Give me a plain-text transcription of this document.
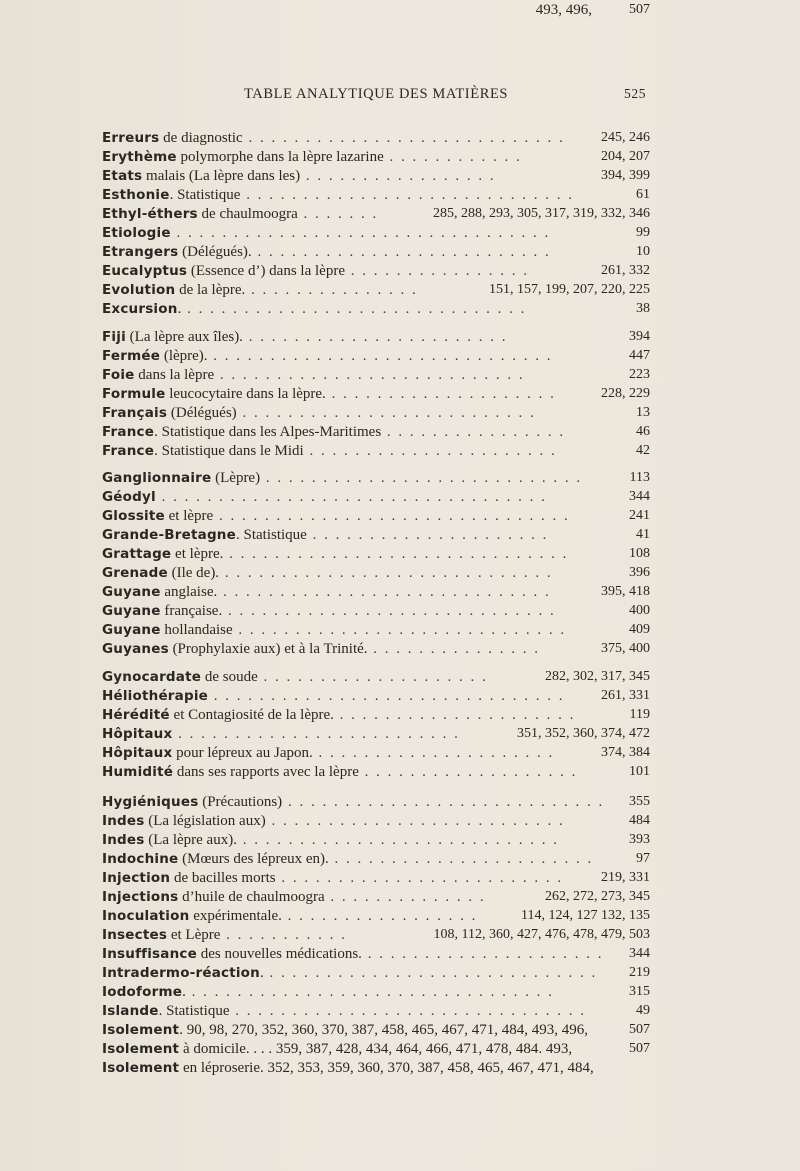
TABLE ANALYTIQUE DES MATIÈRES	525
Erreurs de diagnostic . . . . . . . . . . . . . . . . . . . . . . . . . . . .	245, 246
Erythème polymorphe dans la lèpre lazarine . . . . . . . . . . . .	204, 207
Etats malais (La lèpre dans les) . . . . . . . . . . . . . . . . .	394, 399
Esthonie. Statistique . . . . . . . . . . . . . . . . . . . . . . . . . . . . .	61
Ethyl-éthers de chaulmoogra . . . . . . .	285, 288, 293, 305, 317, 319, 332, 346
Etiologie . . . . . . . . . . . . . . . . . . . . . . . . . . . . . . . . .	99
Etrangers (Délégués). . . . . . . . . . . . . . . . . . . . . . . . . . .	10
Eucalyptus (Essence d’) dans la lèpre . . . . . . . . . . . . . . . .	261, 332
Evolution de la lèpre. . . . . . . . . . . . . . . .	151, 157, 199, 207, 220, 225
Excursion. . . . . . . . . . . . . . . . . . . . . . . . . . . . . . .	38
Fiji (La lèpre aux îles). . . . . . . . . . . . . . . . . . . . . . . .	394
Fermée (lèpre). . . . . . . . . . . . . . . . . . . . . . . . . . . . . . .	447
Foie dans la lèpre . . . . . . . . . . . . . . . . . . . . . . . . . . .	223
Formule leucocytaire dans la lèpre. . . . . . . . . . . . . . . . . . . . .	228, 229
Français (Délégués) . . . . . . . . . . . . . . . . . . . . . . . . . .	13
France. Statistique dans les Alpes-Maritimes . . . . . . . . . . . . . . . .	46
France. Statistique dans le Midi . . . . . . . . . . . . . . . . . . . . . .	42
Ganglionnaire (Lèpre) . . . . . . . . . . . . . . . . . . . . . . . . . . . .	113
Géodyl . . . . . . . . . . . . . . . . . . . . . . . . . . . . . . . . . .	344
Glossite et lèpre . . . . . . . . . . . . . . . . . . . . . . . . . . . . . . .	241
Grande-Bretagne. Statistique . . . . . . . . . . . . . . . . . . . . .	41
Grattage et lèpre. . . . . . . . . . . . . . . . . . . . . . . . . . . . . . .	108
Grenade (Ile de). . . . . . . . . . . . . . . . . . . . . . . . . . . . . .	396
Guyane anglaise. . . . . . . . . . . . . . . . . . . . . . . . . . . . . .	395, 418
Guyane française. . . . . . . . . . . . . . . . . . . . . . . . . . . . . .	400
Guyane hollandaise . . . . . . . . . . . . . . . . . . . . . . . . . . . . .	409
Guyanes (Prophylaxie aux) et à la Trinité. . . . . . . . . . . . . . . .	375, 400
Gynocardate de soude . . . . . . . . . . . . . . . . . . . .	282, 302, 317, 345
Héliothérapie . . . . . . . . . . . . . . . . . . . . . . . . . . . . . . .	261, 331
Hérédité et Contagiosité de la lèpre. . . . . . . . . . . . . . . . . . . . . .	119
Hôpitaux . . . . . . . . . . . . . . . . . . . . . . . . .	351, 352, 360, 374, 472
Hôpitaux pour lépreux au Japon. . . . . . . . . . . . . . . . . . . . . .	374, 384
Humidité dans ses rapports avec la lèpre . . . . . . . . . . . . . . . . . . .	101
Hygiéniques (Précautions) . . . . . . . . . . . . . . . . . . . . . . . . . . . . 355
Indes (La législation aux) . . . . . . . . . . . . . . . . . . . . . . . . . .	484
Indes (La lèpre aux). . . . . . . . . . . . . . . . . . . . . . . . . . . . .	393
Indochine (Mœurs des lépreux en). . . . . . . . . . . . . . . . . . . . . . . .	97
Injection de bacilles morts . . . . . . . . . . . . . . . . . . . . . . . . .	219, 331
Injections d’huile de chaulmoogra . . . . . . . . . . . . . .	262, 272, 273, 345
Inoculation expérimentale. . . . . . . . . . . . . . . . . .	114, 124, 127 132, 135
Insectes et Lèpre . . . . . . . . . . .	108, 112, 360, 427, 476, 478, 479, 503
Insuffisance des nouvelles médications. . . . . . . . . . . . . . . . . . . . . . 344
Intradermo-réaction. . . . . . . . . . . . . . . . . . . . . . . . . . . . . . 219
Iodoforme. . . . . . . . . . . . . . . . . . . . . . . . . . . . . . . . .	315
Islande. Statistique . . . . . . . . . . . . . . . . . . . . . . . . . . . . . . .	49
Isolement. 90, 98, 270, 352, 360, 370, 387, 458, 465, 467, 471, 484, 493, 496,	507
Isolement à domicile. . . . 359, 387, 428, 434, 464, 466, 471, 478, 484. 493,	507
Isolement en léproserie. 352, 353, 359, 360, 370, 387, 458, 465, 467, 471, 484,
493, 496,	507
